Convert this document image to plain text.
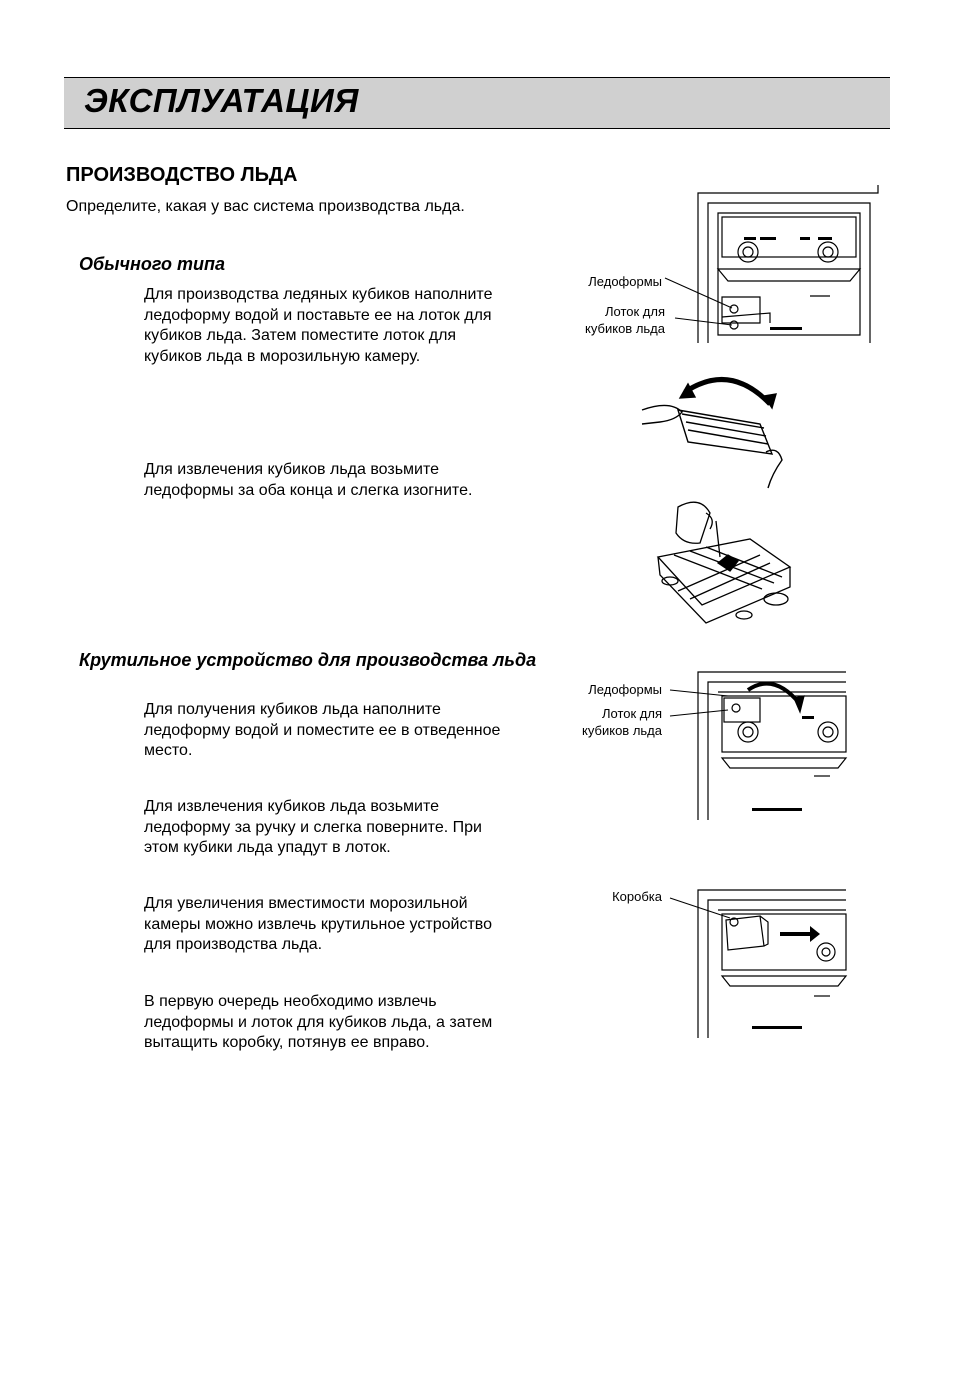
ЭКСПЛУАТАЦИЯ
ПРОИЗВОДСТВО ЛЬДА
Определите, какая у вас система производства льда.
Обычного типа
Для производства ледяных кубиков наполните
ледоформу водой и поставьте ее на лоток для
кубиков льда. Затем поместите лоток для
кубиков льда в морозильную камеру.
Для извлечения кубиков льда возьмите
ледоформы за оба конца и слегка изогните.
Крутильное устройство для производства льда
Для получения кубиков льда наполните
ледоформу водой и поместите ее в отведенное
место.
Для извлечения кубиков льда возьмите
ледоформу за ручку и слегка поверните. При
этом кубики льда упадут в лоток.
Для увеличения вместимости морозильной
камеры можно извлечь крутильное устройство
для производства льда.
В первую очередь необходимо извлечь
ледоформы и лоток для кубиков льда, а затем
вытащить коробку, потянув ее вправо.
Ледоформы
Лоток для
кубиков льда
Ледоформы
Лоток для
кубиков льда
Коробка
